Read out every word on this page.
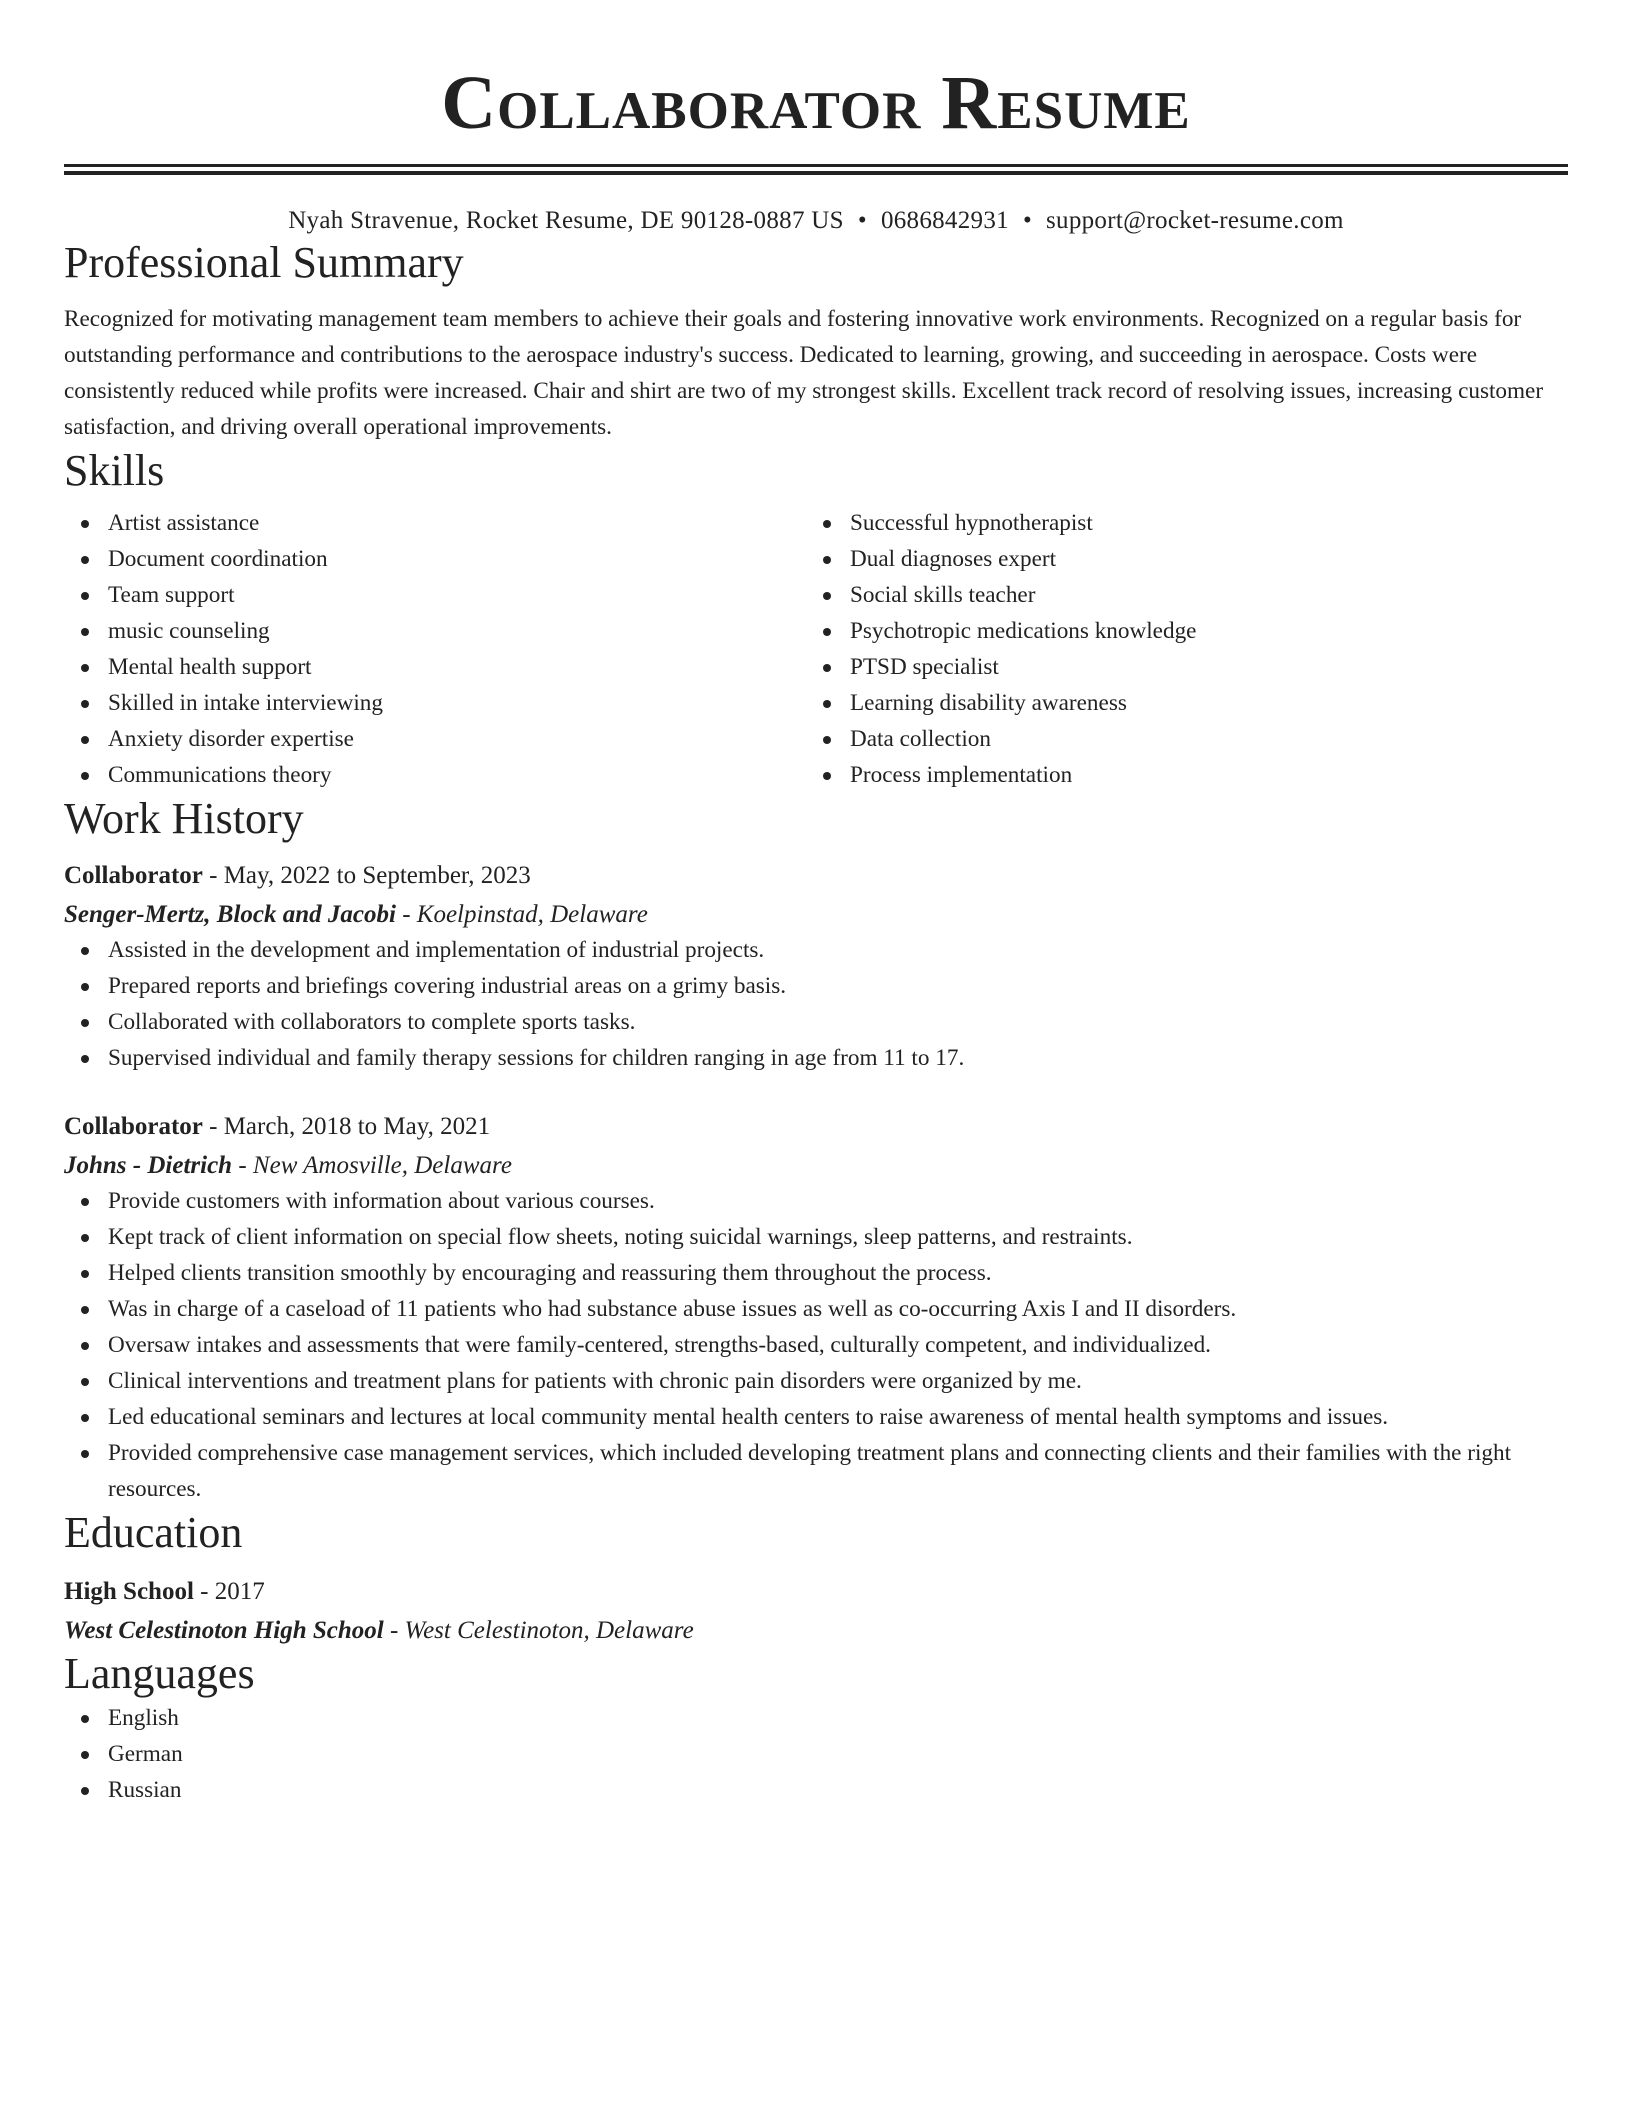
Collaborator Resume
Nyah Stravenue, Rocket Resume, DE 90128-0887 US • 0686842931 • support@rocket-resume.com
Professional Summary

Recognized for motivating management team members to achieve their goals and fostering innovative work environments. Recognized on a regular basis for outstanding performance and contributions to the aerospace industry's success. Dedicated to learning, growing, and succeeding in aerospace. Costs were consistently reduced while profits were increased. Chair and shirt are two of my strongest skills. Excellent track record of resolving issues, increasing customer satisfaction, and driving overall operational improvements.

Skills
Artist assistance
Document coordination
Team support
music counseling
Mental health support
Skilled in intake interviewing
Anxiety disorder expertise
Communications theory
Successful hypnotherapist
Dual diagnoses expert
Social skills teacher
Psychotropic medications knowledge
PTSD specialist
Learning disability awareness
Data collection
Process implementation
Work History
Collaborator - May, 2022 to September, 2023
Senger-Mertz, Block and Jacobi - Koelpinstad, Delaware
Assisted in the development and implementation of industrial projects.
Prepared reports and briefings covering industrial areas on a grimy basis.
Collaborated with collaborators to complete sports tasks.
Supervised individual and family therapy sessions for children ranging in age from 11 to 17.
Collaborator - March, 2018 to May, 2021
Johns - Dietrich - New Amosville, Delaware
Provide customers with information about various courses.
Kept track of client information on special flow sheets, noting suicidal warnings, sleep patterns, and restraints.
Helped clients transition smoothly by encouraging and reassuring them throughout the process.
Was in charge of a caseload of 11 patients who had substance abuse issues as well as co-occurring Axis I and II disorders.
Oversaw intakes and assessments that were family-centered, strengths-based, culturally competent, and individualized.
Clinical interventions and treatment plans for patients with chronic pain disorders were organized by me.
Led educational seminars and lectures at local community mental health centers to raise awareness of mental health symptoms and issues.
Provided comprehensive case management services, which included developing treatment plans and connecting clients and their families with the right resources.
Education
High School - 2017
West Celestinoton High School - West Celestinoton, Delaware
Languages
English
German
Russian
